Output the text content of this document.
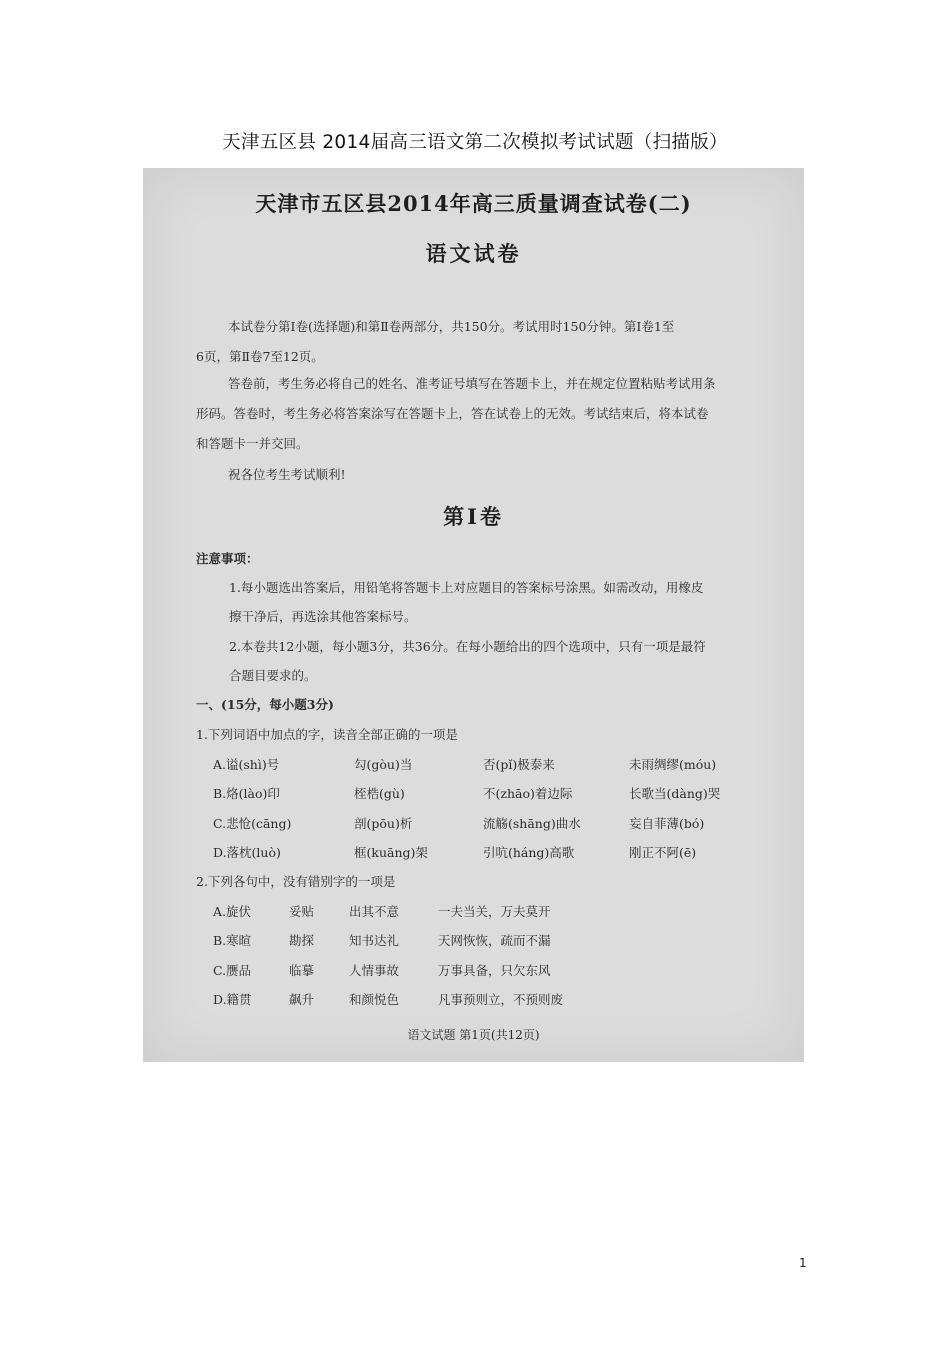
天津五区县 2014届高三语文第二次模拟考试试题（扫描版）
天津市五区县2014年高三质量调查试卷(二)
语文试卷

本试卷分第Ⅰ卷(选择题)和第Ⅱ卷两部分，共150分。考试用时150分钟。第Ⅰ卷1至

6页，第Ⅱ卷7至12页。

答卷前，考生务必将自己的姓名、准考证号填写在答题卡上，并在规定位置粘贴考试用条

形码。答卷时，考生务必将答案涂写在答题卡上，答在试卷上的无效。考试结束后，将本试卷

和答题卡一并交回。

祝各位考生考试顺利!

第Ⅰ卷
注意事项：
1.每小题选出答案后，用铅笔将答题卡上对应题目的答案标号涂黑。如需改动，用橡皮
擦干净后，再选涂其他答案标号。
2.本卷共12小题，每小题3分，共36分。在每小题给出的四个选项中，只有一项是最符
合题目要求的。
一、(15分，每小题3分)
1.下列词语中加点的字，读音全部正确的一项是
A.谥(shì)号	勾(gòu)当	否(pǐ)极泰来	未雨绸缪(móu)
B.烙(lào)印	桎梏(gù)	不(zhāo)着边际	长歌当(dàng)哭
C.悲怆(cāng)	剖(pōu)析	流觞(shāng)曲水	妄自菲薄(bó)
D.落枕(luò)	框(kuāng)架	引吭(háng)高歌	刚正不阿(ē)
2.下列各句中，没有错别字的一项是
A.旋伏	妥贴	出其不意	一夫当关，万夫莫开
B.寒暄	勘探	知书达礼	天网恢恢，疏而不漏
C.赝品	临摹	人情事故	万事具备，只欠东风
D.籍贯	飙升	和颜悦色	凡事预则立，不预则废
语文试题 第1页(共12页)
1
